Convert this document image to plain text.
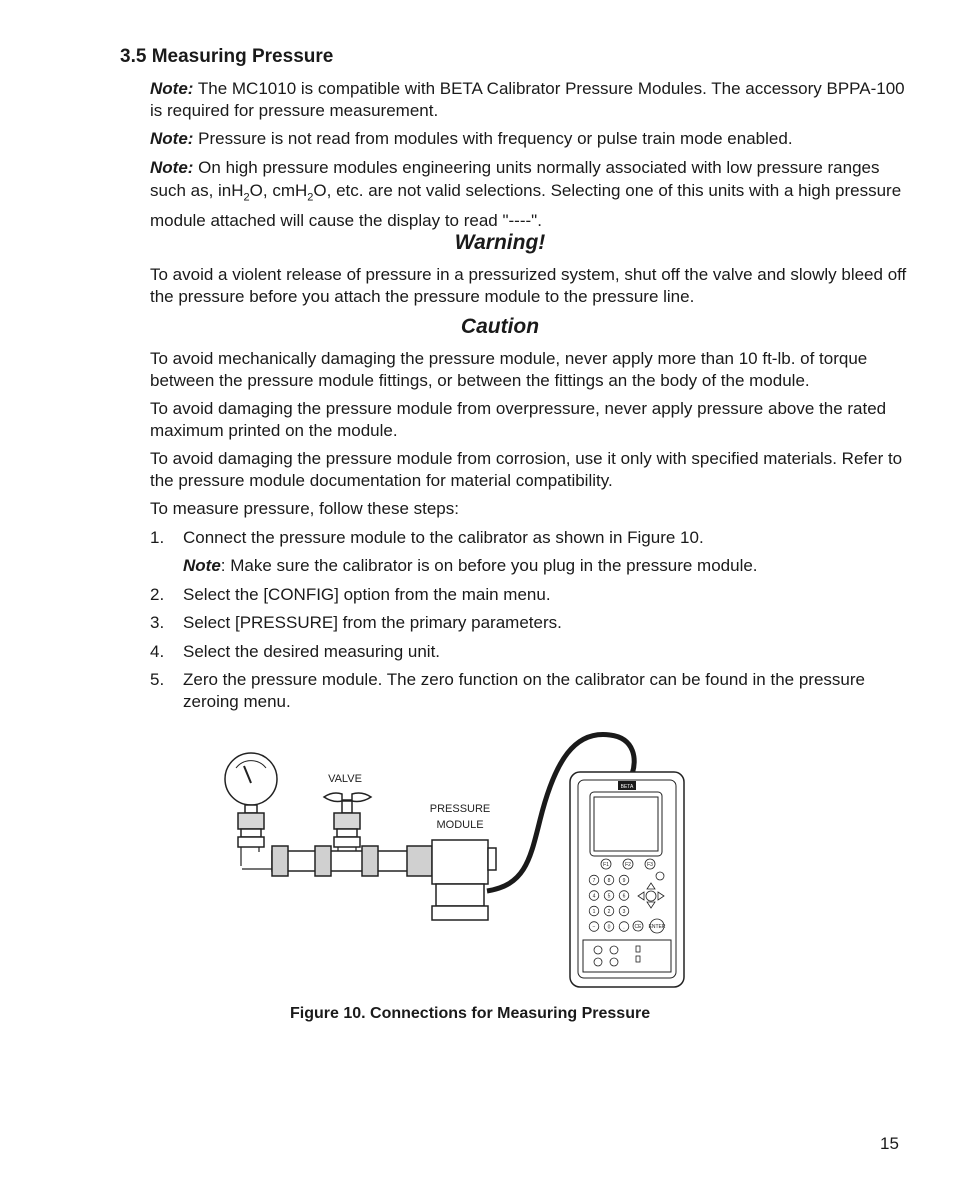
3.5 Measuring Pressure
Note: The MC1010 is compatible with BETA Calibrator Pressure Modules. The accessory BPPA-100 is required for pressure measurement.
Note: Pressure is not read from modules with frequency or pulse train mode enabled.
Note: On high pressure modules engineering units normally associated with low pressure ranges such as, inH$_2$O, cmH$_2$O, etc. are not valid selections. Selecting one of this units with a high pressure module attached will cause the display to read "----".
Warning!
To avoid a violent release of pressure in a pressurized system, shut off the valve and slowly bleed off the pressure before you attach the pressure module to the pressure line.
Caution
To avoid mechanically damaging the pressure module, never apply more than 10 ft-lb. of torque between the pressure module fittings, or between the fittings an the body of the module.
To avoid damaging the pressure module from overpressure, never apply pressure above the rated maximum printed on the module.
To avoid damaging the pressure module from corrosion, use it only with specified materials. Refer to the pressure module documentation for material compatibility.
To measure pressure, follow these steps:
1. Connect the pressure module to the calibrator as shown in Figure 10.
Note: Make sure the calibrator is on before you plug in the pressure module.
2. Select the [CONFIG] option from the main menu.
3. Select [PRESSURE] from the primary parameters.
4. Select the desired measuring unit.
5. Zero the pressure module. The zero function on the calibrator can be found in the pressure zeroing menu.
F1	F2	F3
7 8 9
4 5 6
1 2 3
− 0	. CE ENTER
VALVE
PRESSURE
MODULE
BETA
Figure 10. Connections for Measuring Pressure
15
